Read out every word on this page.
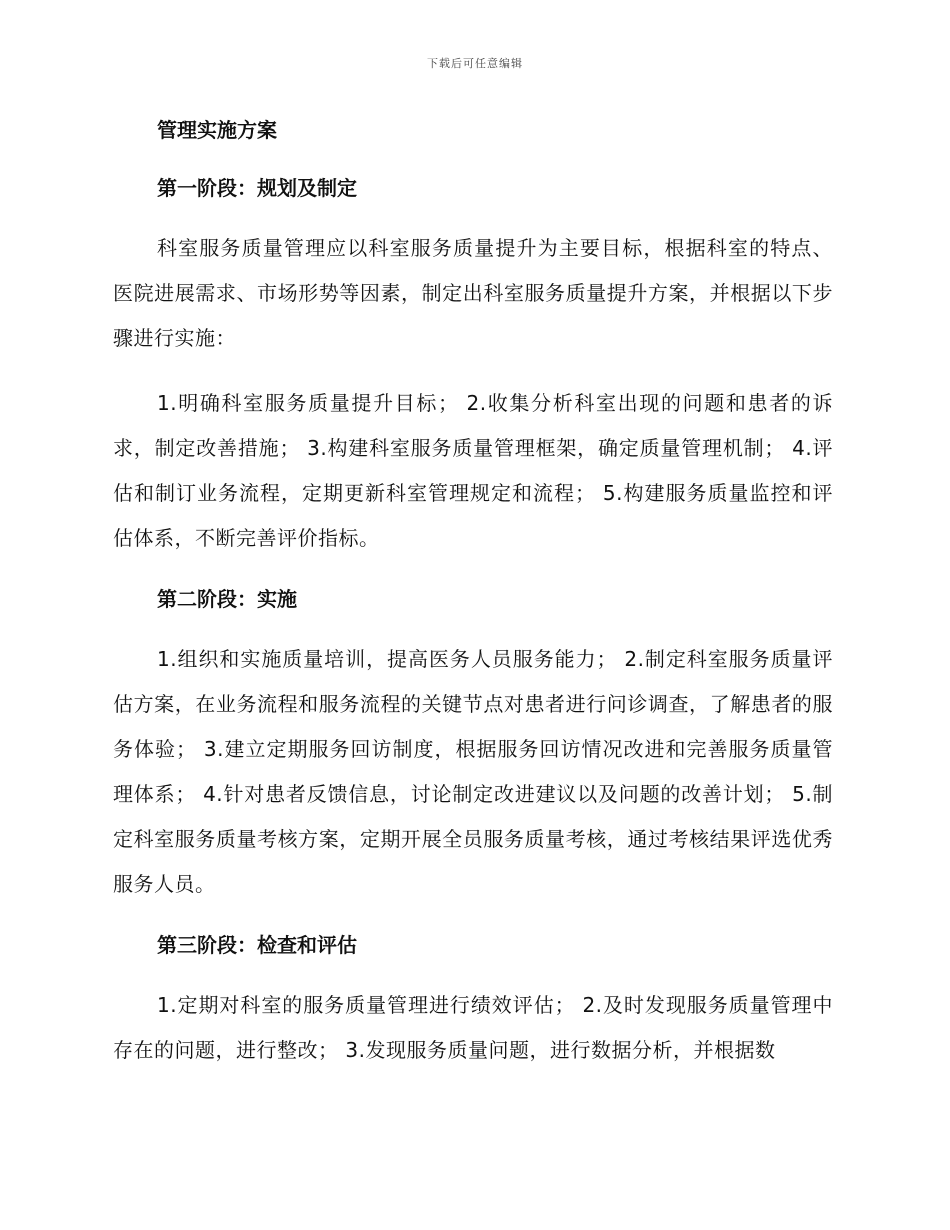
下载后可任意编辑
管理实施方案
第一阶段：规划及制定

科室服务质量管理应以科室服务质量提升为主要目标，根据科室的特点、医院进展需求、市场形势等因素，制定出科室服务质量提升方案，并根据以下步骤进行实施：

1.明确科室服务质量提升目标； 2.收集分析科室出现的问题和患者的诉求，制定改善措施； 3.构建科室服务质量管理框架，确定质量管理机制； 4.评估和制订业务流程，定期更新科室管理规定和流程； 5.构建服务质量监控和评估体系，不断完善评价指标。

第二阶段：实施

1.组织和实施质量培训，提高医务人员服务能力； 2.制定科室服务质量评估方案，在业务流程和服务流程的关键节点对患者进行问诊调查，了解患者的服务体验； 3.建立定期服务回访制度，根据服务回访情况改进和完善服务质量管理体系； 4.针对患者反馈信息，讨论制定改进建议以及问题的改善计划； 5.制定科室服务质量考核方案，定期开展全员服务质量考核，通过考核结果评选优秀服务人员。

第三阶段：检查和评估

1.定期对科室的服务质量管理进行绩效评估； 2.及时发现服务质量管理中存在的问题，进行整改； 3.发现服务质量问题，进行数据分析，并根据数
